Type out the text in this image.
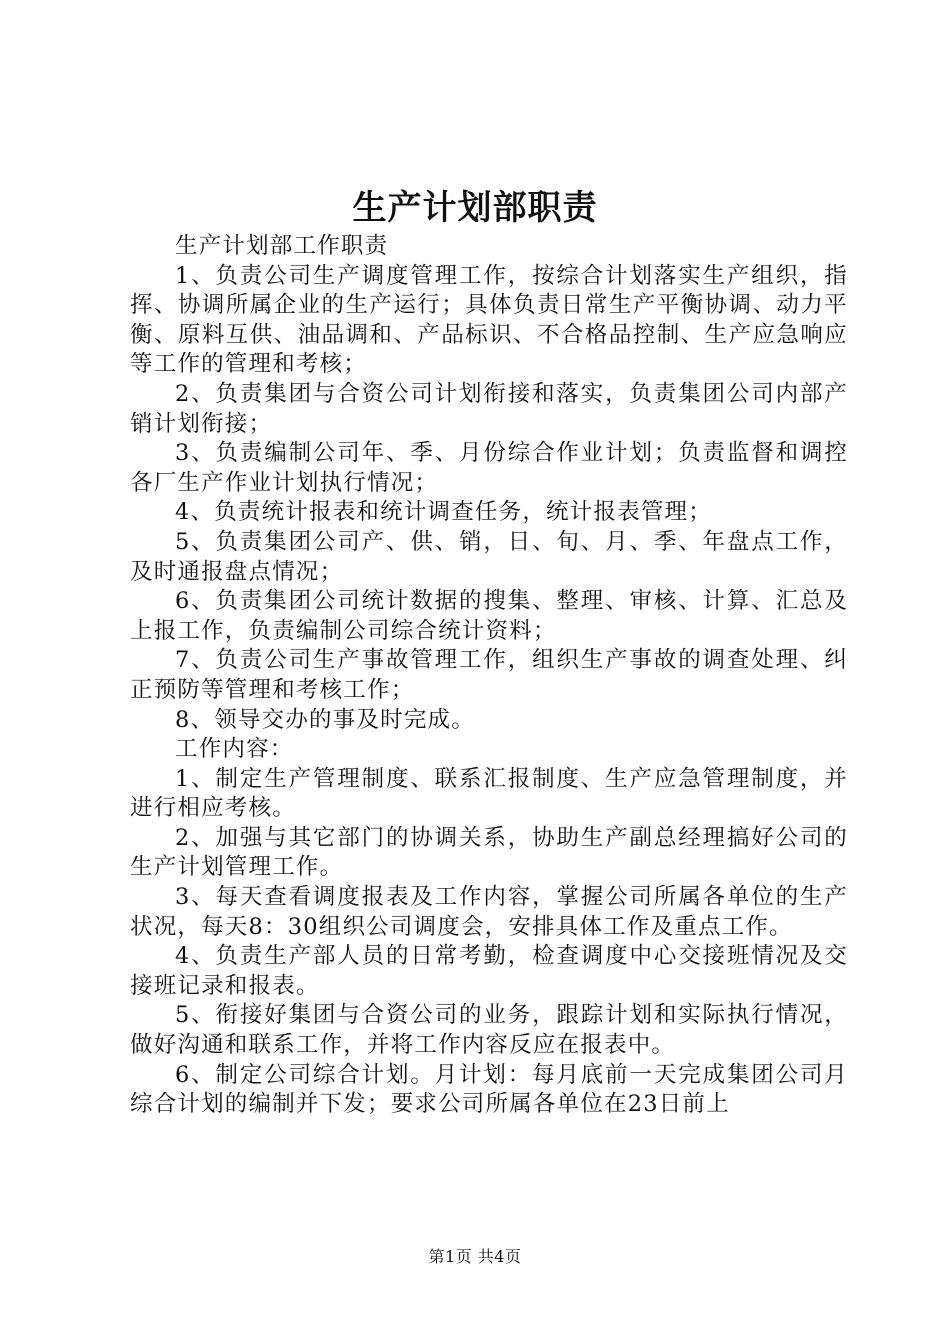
生产计划部职责

生产计划部工作职责

1、负责公司生产调度管理工作，按综合计划落实生产组织，指挥、协调所属企业的生产运行；具体负责日常生产平衡协调、动力平衡、原料互供、油品调和、产品标识、不合格品控制、生产应急响应等工作的管理和考核；

2、负责集团与合资公司计划衔接和落实，负责集团公司内部产销计划衔接；

3、负责编制公司年、季、月份综合作业计划；负责监督和调控各厂生产作业计划执行情况；

4、负责统计报表和统计调查任务，统计报表管理；

5、负责集团公司产、供、销，日、旬、月、季、年盘点工作，及时通报盘点情况；

6、负责集团公司统计数据的搜集、整理、审核、计算、汇总及上报工作，负责编制公司综合统计资料；

7、负责公司生产事故管理工作，组织生产事故的调查处理、纠正预防等管理和考核工作；

8、领导交办的事及时完成。

工作内容：

1、制定生产管理制度、联系汇报制度、生产应急管理制度，并进行相应考核。

2、加强与其它部门的协调关系，协助生产副总经理搞好公司的生产计划管理工作。

3、每天查看调度报表及工作内容，掌握公司所属各单位的生产状况，每天8：30组织公司调度会，安排具体工作及重点工作。

4、负责生产部人员的日常考勤，检查调度中心交接班情况及交接班记录和报表。

5、衔接好集团与合资公司的业务，跟踪计划和实际执行情况，做好沟通和联系工作，并将工作内容反应在报表中。

6、制定公司综合计划。月计划：每月底前一天完成集团公司月综合计划的编制并下发；要求公司所属各单位在23日前上

第1页 共4页
